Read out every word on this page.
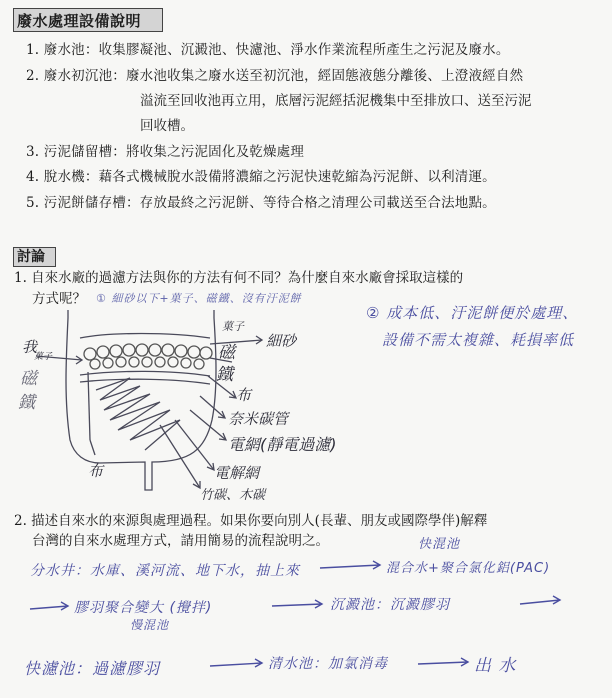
廢水處理設備說明
1. 廢水池：收集膠凝池、沉澱池、快濾池、淨水作業流程所產生之污泥及廢水。
2. 廢水初沉池：廢水池收集之廢水送至初沉池，經固態液態分離後、上澄液經自然
溢流至回收池再立用，底層污泥經括泥機集中至排放口、送至污泥
回收槽。
3. 污泥儲留槽：將收集之污泥固化及乾燥處理
4. 脫水機：藉各式機械脫水設備將濃縮之污泥快速乾縮為污泥餅、以利清運。
5. 污泥餅儲存槽：存放最終之污泥餅、等待合格之清理公司載送至合法地點。
討論
1. 自來水廠的過濾方法與你的方法有何不同？為什麼自來水廠會採取這樣的
方式呢？ ① 細砂以下+菓子、磁鐵、沒有汙泥餅
② 成本低、汙泥餅便於處理、
設備不需太複雜、耗損率低
我
菓子
磁
鐵
菓子
磁
鐵
細砂
布
奈米碳管
電網(靜電過濾)
電解網
竹碳、木碳
布
2. 描述自來水的來源與處理過程。如果你要向別人(長輩、朋友或國際學伴)解釋
台灣的自來水處理方式，請用簡易的流程說明之。	快混池
分水井：水庫、溪河流、地下水，抽上來	混合水+聚合氯化鋁(PAC)
膠羽聚合變大 (攪拌)
慢混池
沉澱池：沉澱膠羽
快濾池：過濾膠羽	清水池：加氯消毒	出 水
